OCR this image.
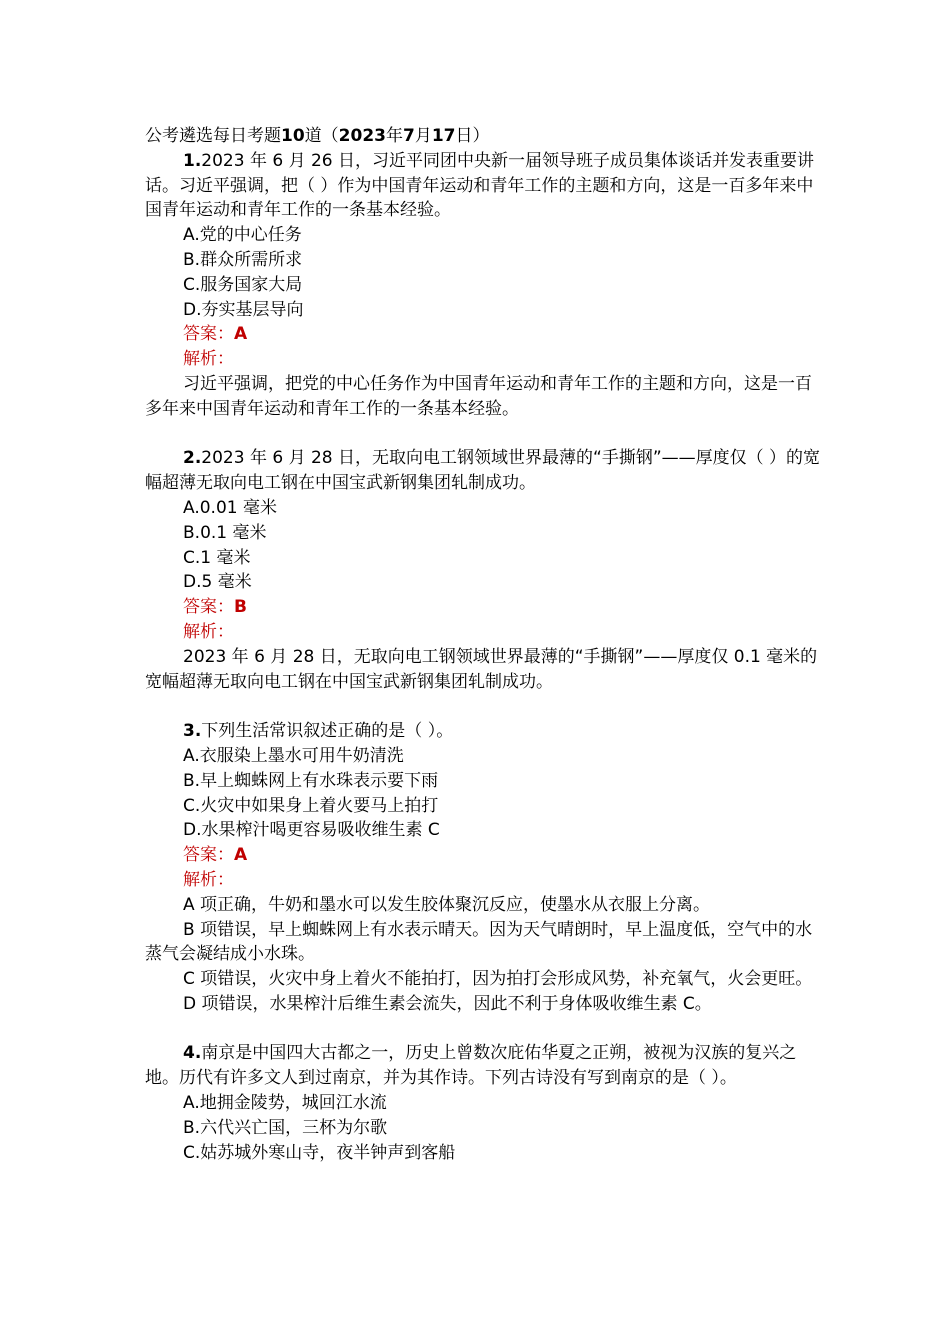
公考遴选每日考题10道（2023年7月17日）
1.2023 年 6 月 26 日，习近平同团中央新一届领导班子成员集体谈话并发表重要讲话。习近平强调，把（ ）作为中国青年运动和青年工作的主题和方向，这是一百多年来中国青年运动和青年工作的一条基本经验。
A.党的中心任务
B.群众所需所求
C.服务国家大局
D.夯实基层导向
答案：A
解析：
习近平强调，把党的中心任务作为中国青年运动和青年工作的主题和方向，这是一百多年来中国青年运动和青年工作的一条基本经验。
2.2023 年 6 月 28 日，无取向电工钢领域世界最薄的“手撕钢”——厚度仅（ ）的宽幅超薄无取向电工钢在中国宝武新钢集团轧制成功。
A.0.01 毫米
B.0.1 毫米
C.1 毫米
D.5 毫米
答案：B
解析：
2023 年 6 月 28 日，无取向电工钢领域世界最薄的“手撕钢”——厚度仅 0.1 毫米的宽幅超薄无取向电工钢在中国宝武新钢集团轧制成功。
3.下列生活常识叙述正确的是（ ）。
A.衣服染上墨水可用牛奶清洗
B.早上蜘蛛网上有水珠表示要下雨
C.火灾中如果身上着火要马上拍打
D.水果榨汁喝更容易吸收维生素 C
答案：A
解析：
A 项正确，牛奶和墨水可以发生胶体聚沉反应，使墨水从衣服上分离。
B 项错误，早上蜘蛛网上有水表示晴天。因为天气晴朗时，早上温度低，空气中的水蒸气会凝结成小水珠。
C 项错误，火灾中身上着火不能拍打，因为拍打会形成风势，补充氧气，火会更旺。
D 项错误，水果榨汁后维生素会流失，因此不利于身体吸收维生素 C。
4.南京是中国四大古都之一，历史上曾数次庇佑华夏之正朔，被视为汉族的复兴之地。历代有许多文人到过南京，并为其作诗。下列古诗没有写到南京的是（ ）。
A.地拥金陵势，城回江水流
B.六代兴亡国，三杯为尔歌
C.姑苏城外寒山寺，夜半钟声到客船
